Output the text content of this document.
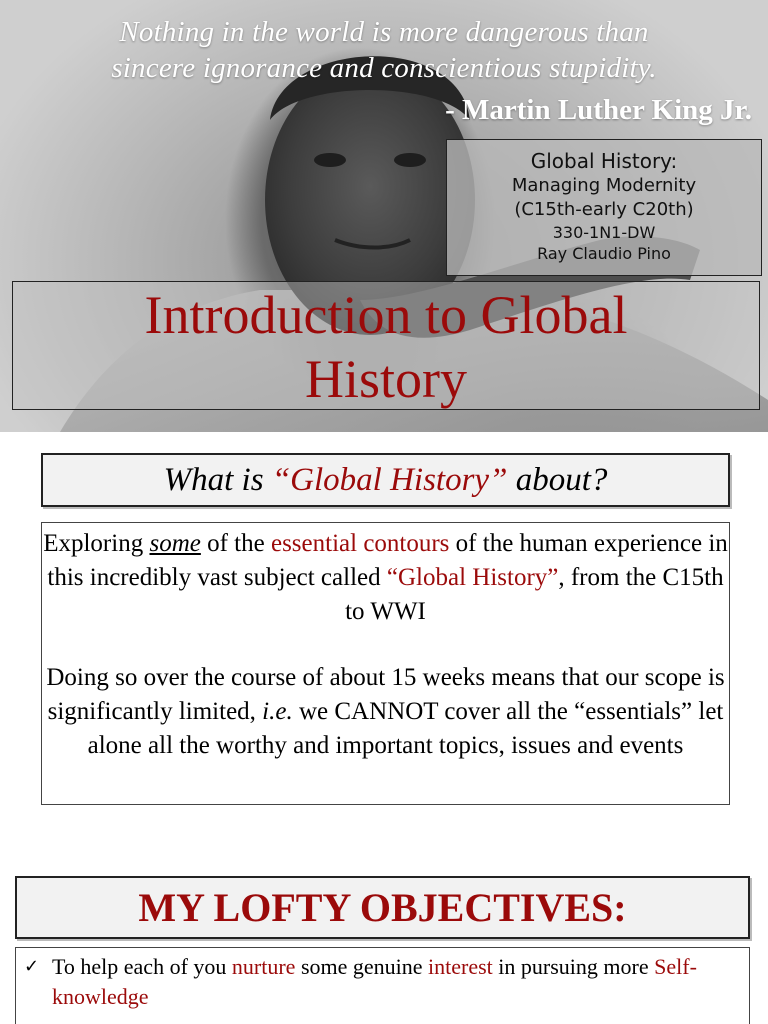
Nothing in the world is more dangerous than
sincere ignorance and conscientious stupidity.
- Martin Luther King Jr.
Global History:
Managing Modernity
(C15th-early C20th)
330-1N1-DW
Ray Claudio Pino
Introduction to Global
History
What is “Global History” about?

Exploring some of the essential contours of the human experience in this incredibly vast subject called “Global History”, from the C15th to WWI

Doing so over the course of about 15 weeks means that our scope is significantly limited, i.e. we CANNOT cover all the “essentials” let alone all the worthy and important topics, issues and events

MY LOFTY OBJECTIVES:
✓ To help each of you nurture some genuine interest in pursuing more Self-knowledge
